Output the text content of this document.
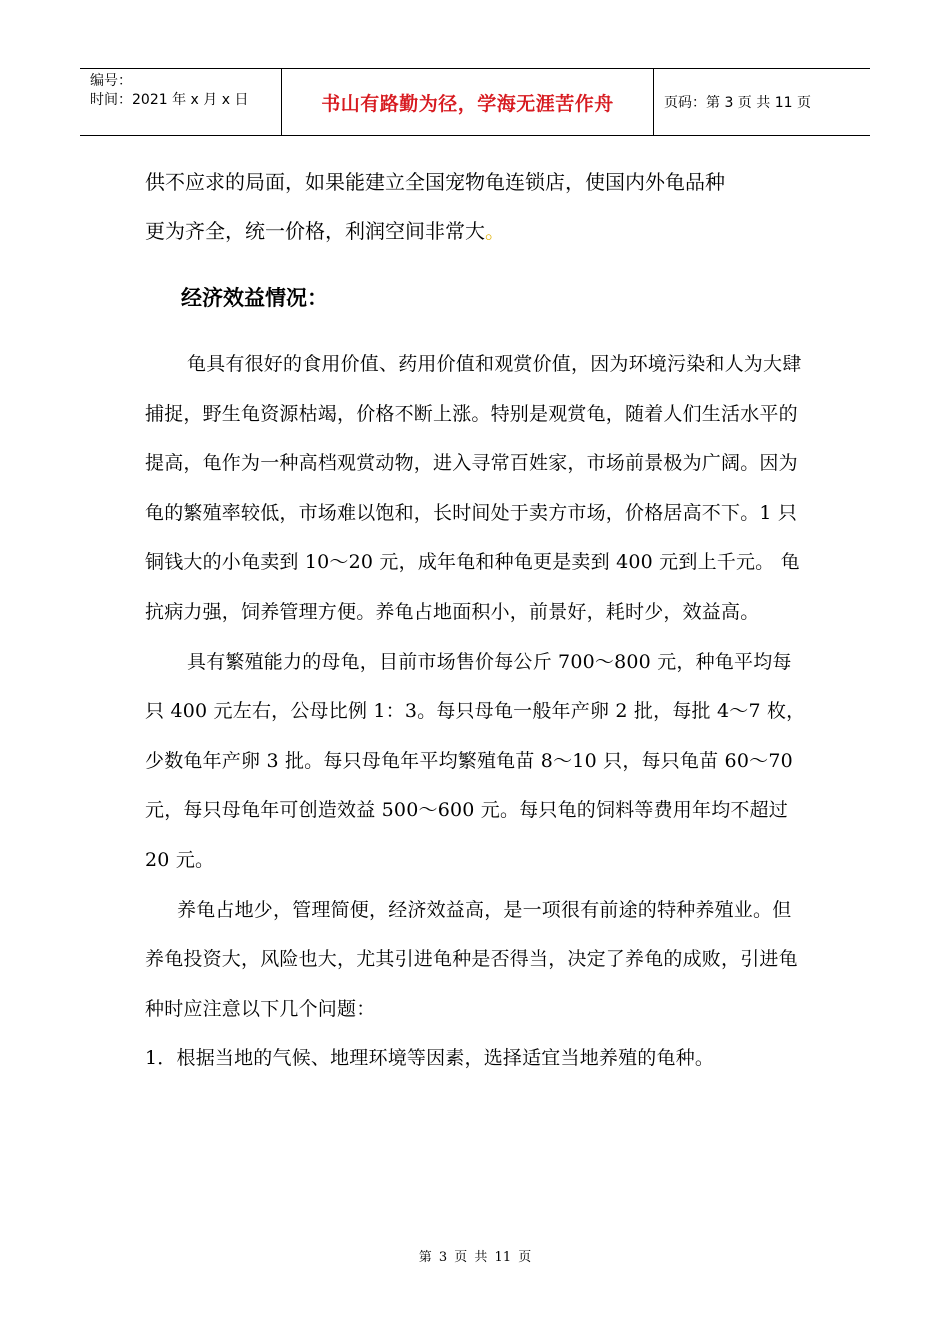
编号：
时间：2021 年 x 月 x 日	书山有路勤为径，学海无涯苦作舟	页码：第 3 页 共 11 页

供不应求的局面，如果能建立全国宠物龟连锁店，使国内外龟品种

更为齐全，统一价格，利润空间非常大。

经济效益情况：

龟具有很好的食用价值、药用价值和观赏价值，因为环境污染和人为大肆捕捉，野生龟资源枯竭，价格不断上涨。特别是观赏龟，随着人们生活水平的提高，龟作为一种高档观赏动物，进入寻常百姓家，市场前景极为广阔。因为龟的繁殖率较低，市场难以饱和，长时间处于卖方市场，价格居高不下。1 只铜钱大的小龟卖到 10～20 元，成年龟和种龟更是卖到 400 元到上千元。 龟抗病力强，饲养管理方便。养龟占地面积小，前景好，耗时少，效益高。

具有繁殖能力的母龟，目前市场售价每公斤 700～800 元，种龟平均每只 400 元左右，公母比例 1：3。每只母龟一般年产卵 2 批，每批 4～7 枚，少数龟年产卵 3 批。每只母龟年平均繁殖龟苗 8～10 只，每只龟苗 60～70 元，每只母龟年可创造效益 500～600 元。每只龟的饲料等费用年均不超过 20 元。

养龟占地少，管理简便，经济效益高，是一项很有前途的特种养殖业。但养龟投资大，风险也大，尤其引进龟种是否得当，决定了养龟的成败，引进龟种时应注意以下几个问题：

1．根据当地的气候、地理环境等因素，选择适宜当地养殖的龟种。

第 3 页 共 11 页
